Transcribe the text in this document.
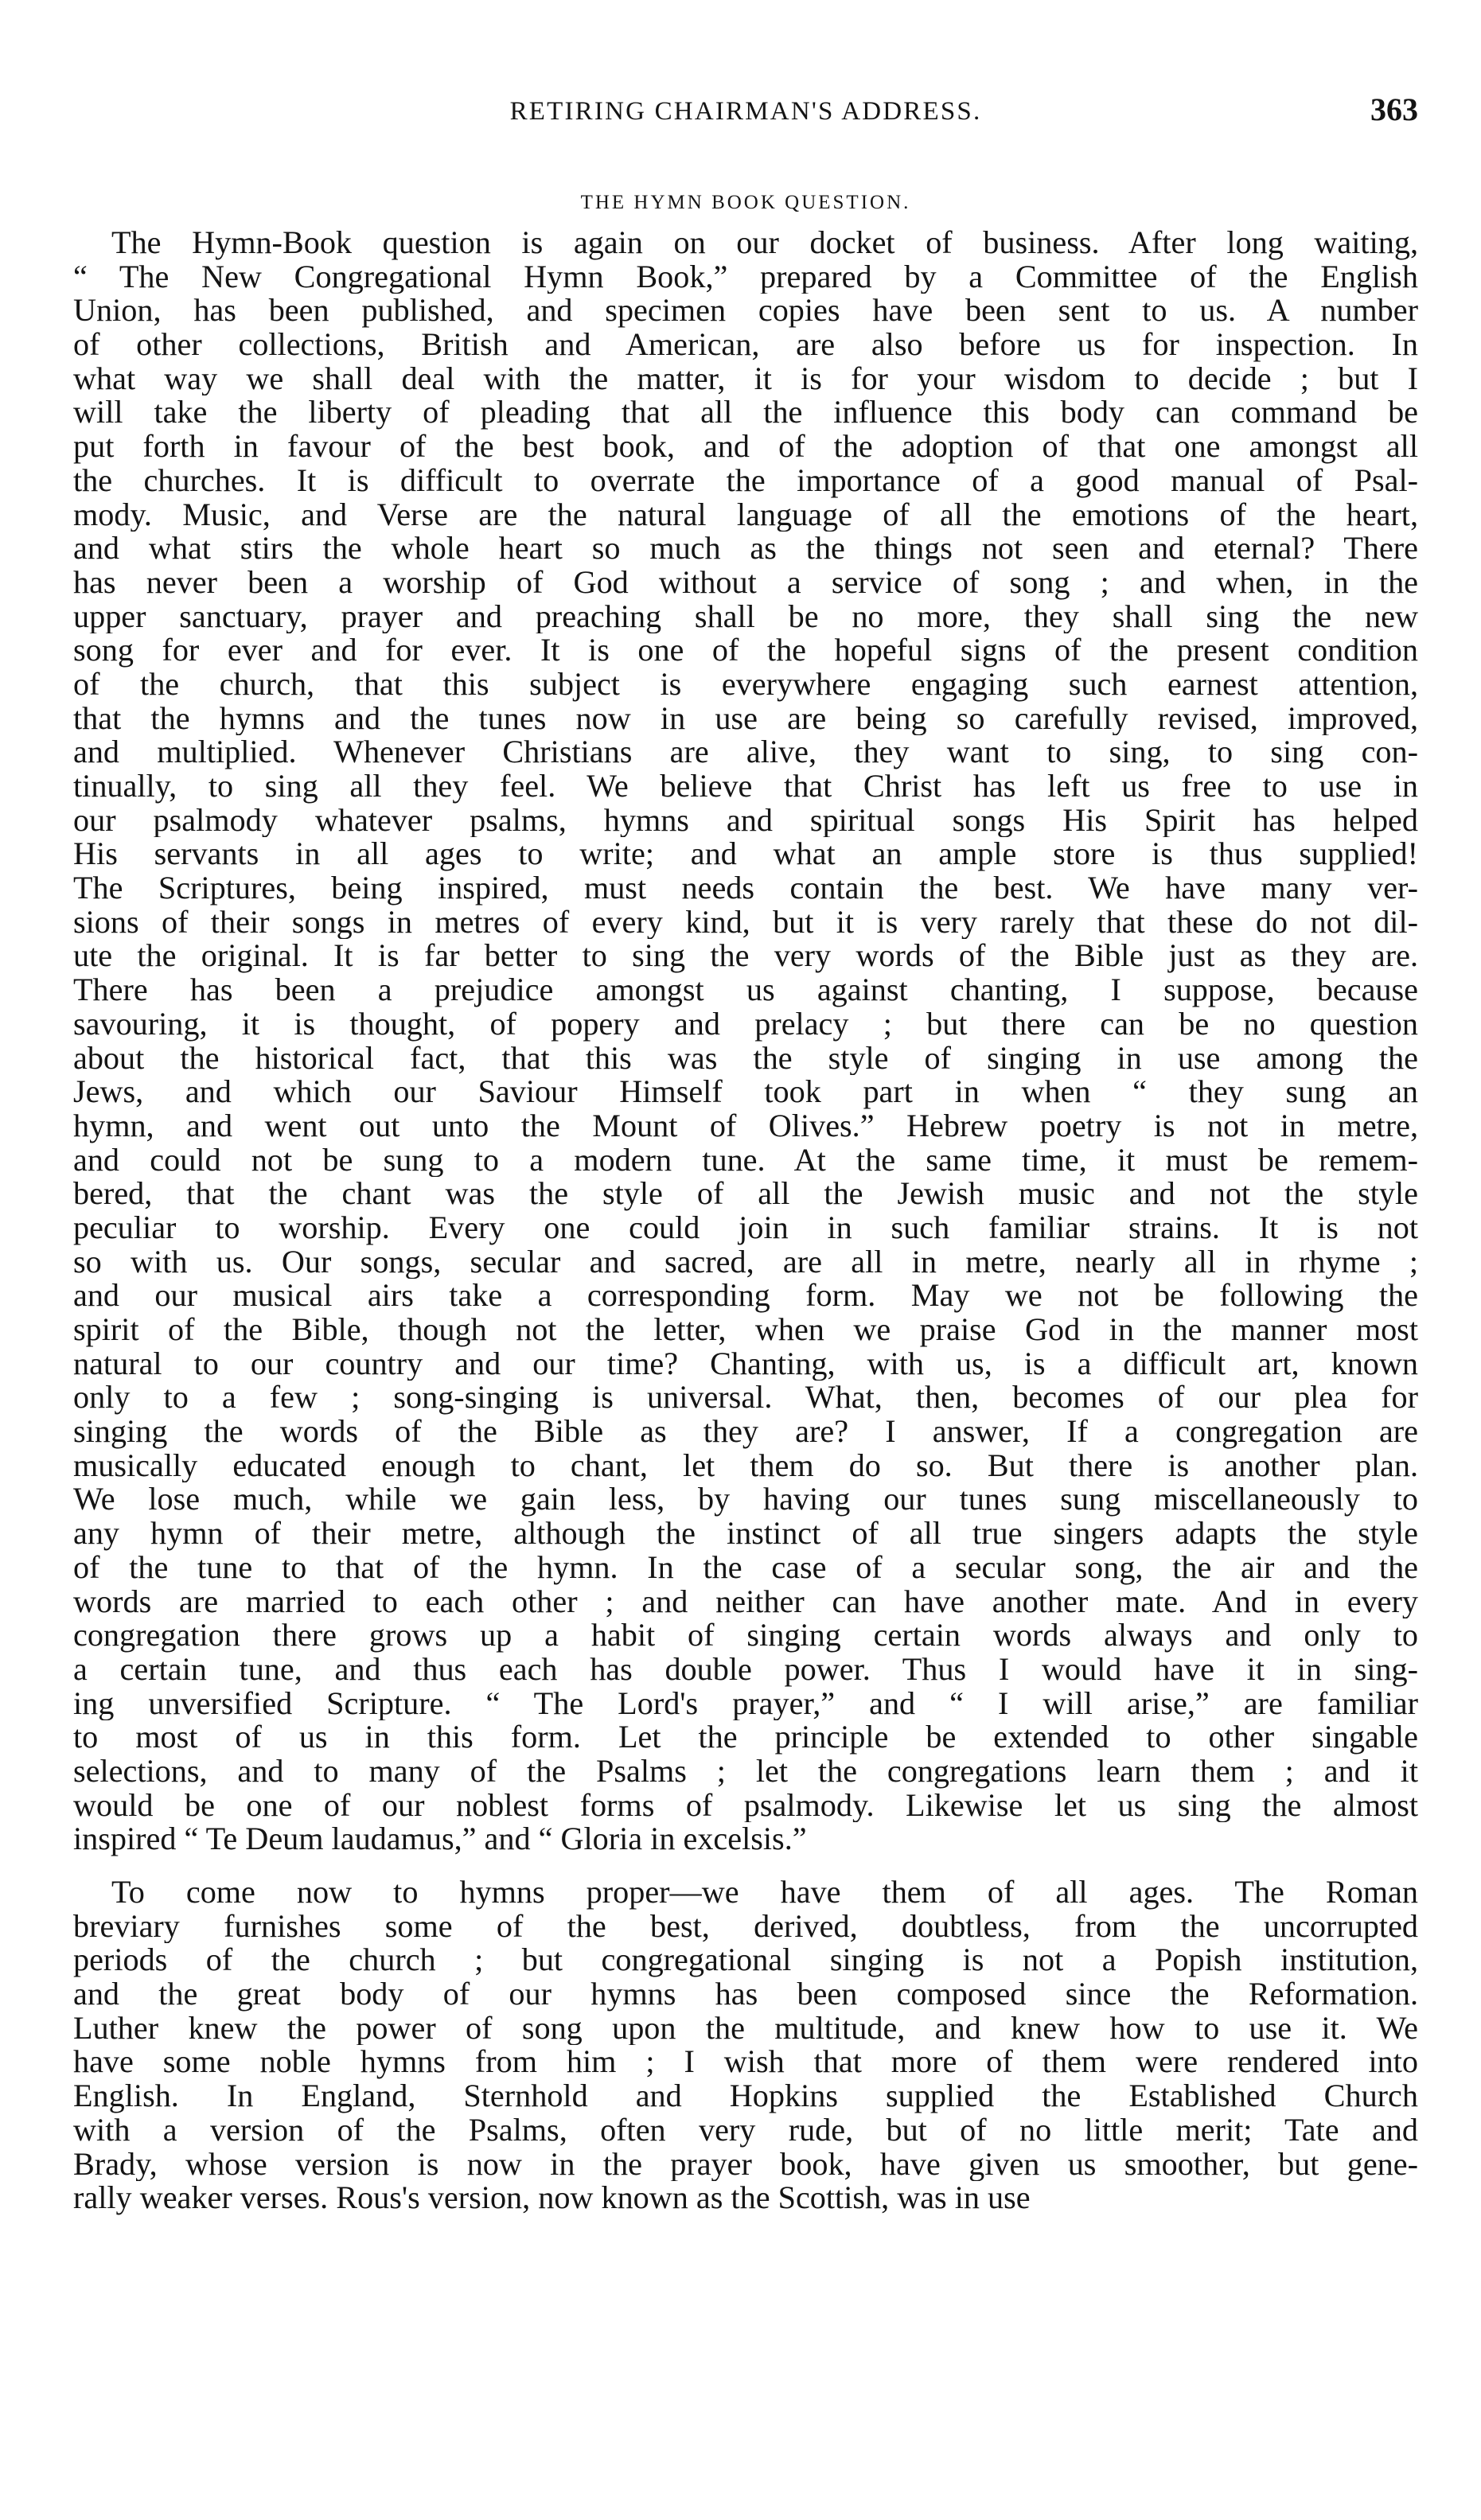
RETIRING CHAIRMAN'S ADDRESS.	363
THE HYMN BOOK QUESTION.
The Hymn-Book question is again on our docket of business. After long waiting,
“ The New Congregational Hymn Book,” prepared by a Committee of the English
Union, has been published, and specimen copies have been sent to us. A number
of other collections, British and American, are also before us for inspection. In
what way we shall deal with the matter, it is for your wisdom to decide ; but I
will take the liberty of pleading that all the influence this body can command be
put forth in favour of the best book, and of the adoption of that one amongst all
the churches. It is difficult to overrate the importance of a good manual of Psal-
mody. Music, and Verse are the natural language of all the emotions of the heart,
and what stirs the whole heart so much as the things not seen and eternal? There
has never been a worship of God without a service of song ; and when, in the
upper sanctuary, prayer and preaching shall be no more, they shall sing the new
song for ever and for ever. It is one of the hopeful signs of the present condition
of the church, that this subject is everywhere engaging such earnest attention,
that the hymns and the tunes now in use are being so carefully revised, improved,
and multiplied. Whenever Christians are alive, they want to sing, to sing con-
tinually, to sing all they feel. We believe that Christ has left us free to use in
our psalmody whatever psalms, hymns and spiritual songs His Spirit has helped
His servants in all ages to write; and what an ample store is thus supplied!
The Scriptures, being inspired, must needs contain the best. We have many ver-
sions of their songs in metres of every kind, but it is very rarely that these do not dil-
ute the original. It is far better to sing the very words of the Bible just as they are.
There has been a prejudice amongst us against chanting, I suppose, because
savouring, it is thought, of popery and prelacy ; but there can be no question
about the historical fact, that this was the style of singing in use among the
Jews, and which our Saviour Himself took part in when “ they sung an
hymn, and went out unto the Mount of Olives.” Hebrew poetry is not in metre,
and could not be sung to a modern tune. At the same time, it must be remem-
bered, that the chant was the style of all the Jewish music and not the style
peculiar to worship. Every one could join in such familiar strains. It is not
so with us. Our songs, secular and sacred, are all in metre, nearly all in rhyme ;
and our musical airs take a corresponding form. May we not be following the
spirit of the Bible, though not the letter, when we praise God in the manner most
natural to our country and our time? Chanting, with us, is a difficult art, known
only to a few ; song-singing is universal. What, then, becomes of our plea for
singing the words of the Bible as they are? I answer, If a congregation are
musically educated enough to chant, let them do so. But there is another plan.
We lose much, while we gain less, by having our tunes sung miscellaneously to
any hymn of their metre, although the instinct of all true singers adapts the style
of the tune to that of the hymn. In the case of a secular song, the air and the
words are married to each other ; and neither can have another mate. And in every
congregation there grows up a habit of singing certain words always and only to
a certain tune, and thus each has double power. Thus I would have it in sing-
ing unversified Scripture. “ The Lord's prayer,” and “ I will arise,” are familiar
to most of us in this form. Let the principle be extended to other singable
selections, and to many of the Psalms ; let the congregations learn them ; and it
would be one of our noblest forms of psalmody. Likewise let us sing the almost
inspired “ Te Deum laudamus,” and “ Gloria in excelsis.”
To come now to hymns proper—we have them of all ages. The Roman
breviary furnishes some of the best, derived, doubtless, from the uncorrupted
periods of the church ; but congregational singing is not a Popish institution,
and the great body of our hymns has been composed since the Reformation.
Luther knew the power of song upon the multitude, and knew how to use it. We
have some noble hymns from him ; I wish that more of them were rendered into
English. In England, Sternhold and Hopkins supplied the Established Church
with a version of the Psalms, often very rude, but of no little merit; Tate and
Brady, whose version is now in the prayer book, have given us smoother, but gene-
rally weaker verses. Rous's version, now known as the Scottish, was in use
